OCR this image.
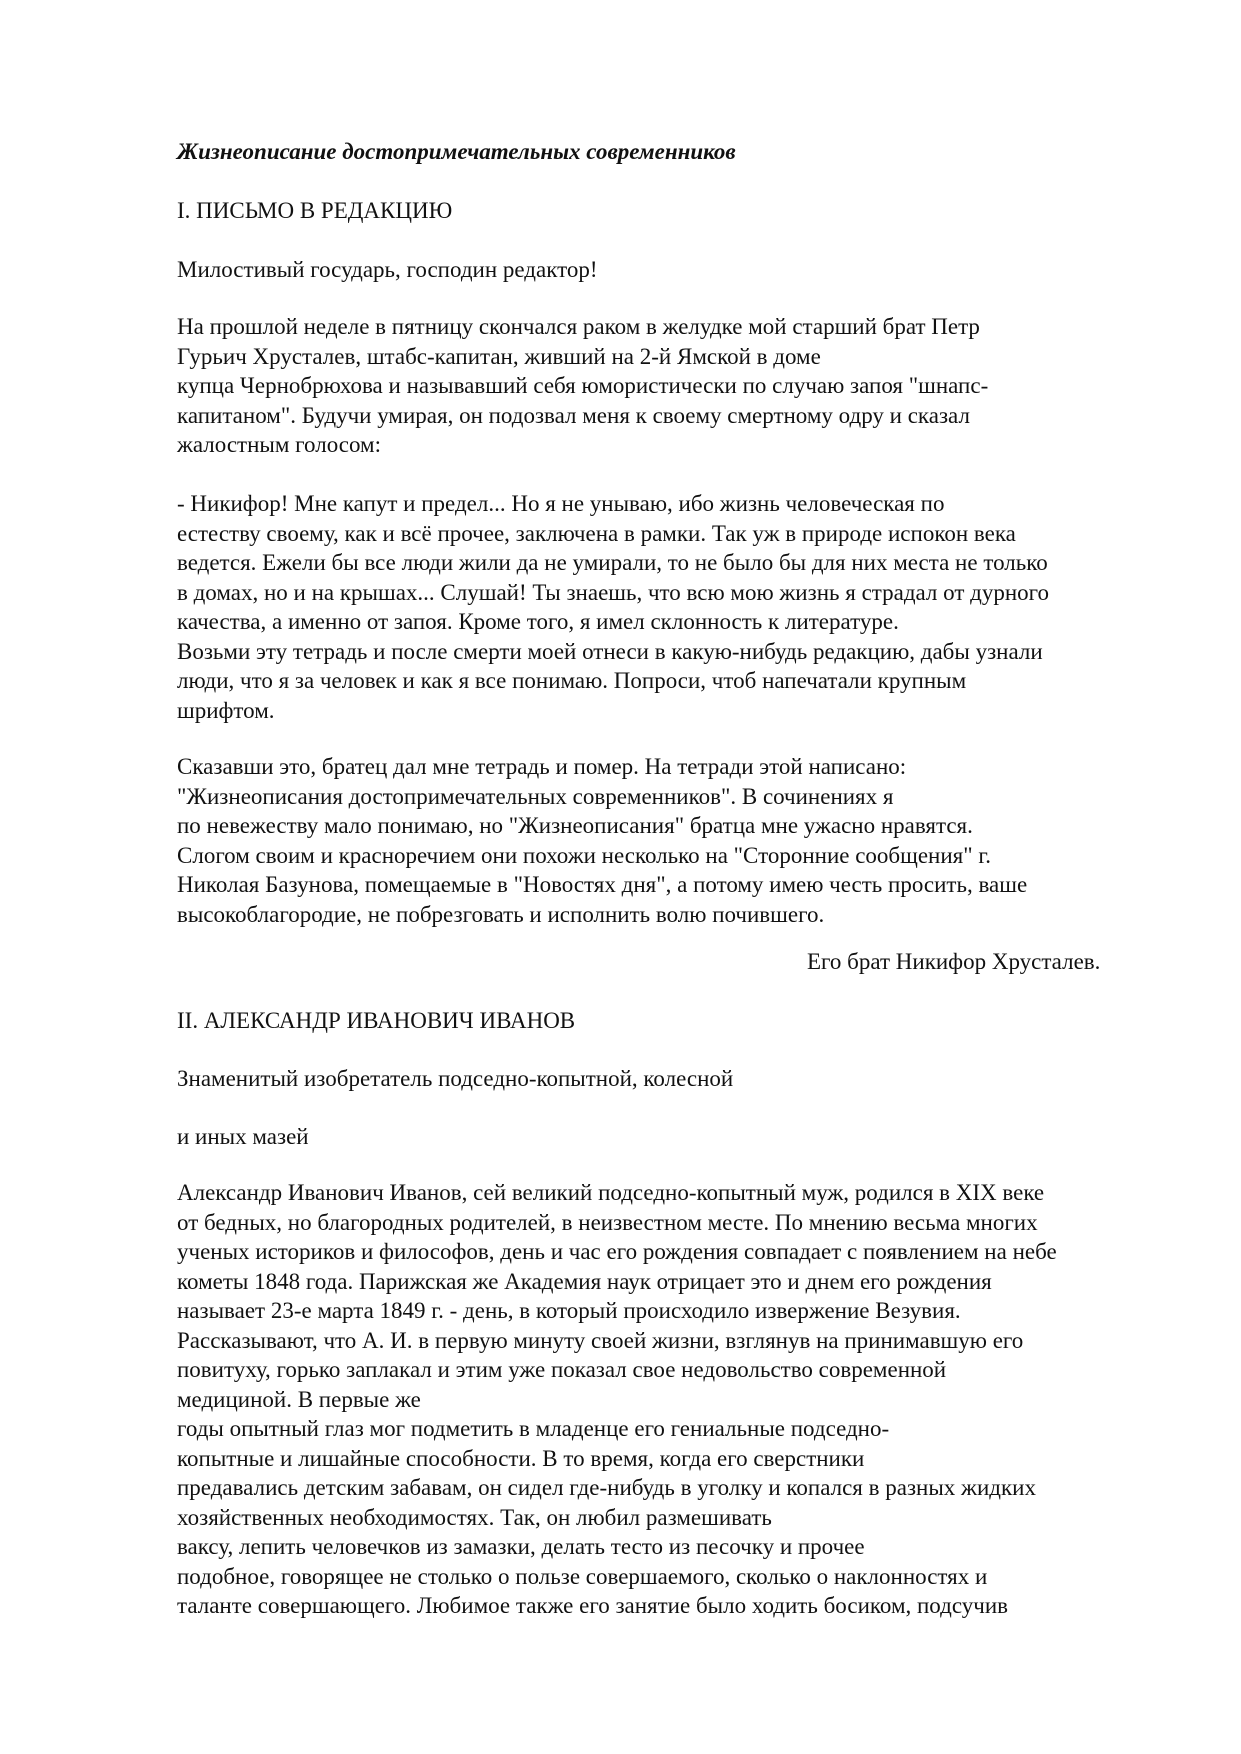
Жизнеописание достопримечательных современников

I. ПИСЬМО В РЕДАКЦИЮ

Милостивый государь, господин редактор!

На прошлой неделе в пятницу скончался раком в желудке мой старший брат Петр
Гурьич Хрусталев, штабс-капитан, живший на 2-й Ямской в доме
купца Чернобрюхова и называвший себя юмористически по случаю запоя "шнапс-
капитаном". Будучи умирая, он подозвал меня к своему смертному одру и сказал
жалостным голосом:
- Никифор! Мне капут и предел... Но я не унываю, ибо жизнь человеческая по
естеству своему, как и всё прочее, заключена в рамки. Так уж в природе испокон века
ведется. Ежели бы все люди жили да не умирали, то не было бы для них места не только
в домах, но и на крышах... Слушай! Ты знаешь, что всю мою жизнь я страдал от дурного
качества, а именно от запоя. Кроме того, я имел склонность к литературе.
Возьми эту тетрадь и после смерти моей отнеси в какую-нибудь редакцию, дабы узнали
люди, что я за человек и как я все понимаю. Попроси, чтоб напечатали крупным
шрифтом.
Сказавши это, братец дал мне тетрадь и помер. На тетради этой написано:
"Жизнеописания достопримечательных современников". В сочинениях я
по невежеству мало понимаю, но "Жизнеописания" братца мне ужасно нравятся.
Слогом своим и красноречием они похожи несколько на "Сторонние сообщения" г.
Николая Базунова, помещаемые в "Новостях дня", а потому имею честь просить, ваше
высокоблагородие, не побрезговать и исполнить волю почившего.

Его брат Никифор Хрусталев.

II. АЛЕКСАНДР ИВАНОВИЧ ИВАНОВ

Знаменитый изобретатель подседно-копытной, колесной

и иных мазей

Александр Иванович Иванов, сей великий подседно-копытный муж, родился в XIX веке
от бедных, но благородных родителей, в неизвестном месте. По мнению весьма многих
ученых историков и философов, день и час его рождения совпадает с появлением на небе
кометы 1848 года. Парижская же Академия наук отрицает это и днем его рождения
называет 23-е марта 1849 г. - день, в который происходило извержение Везувия.
Рассказывают, что А. И. в первую минуту своей жизни, взглянув на принимавшую его
повитуху, горько заплакал и этим уже показал свое недовольство современной
медициной. В первые же
годы опытный глаз мог подметить в младенце его гениальные подседно-
копытные и лишайные способности. В то время, когда его сверстники
предавались детским забавам, он сидел где-нибудь в уголку и копался в разных жидких
хозяйственных необходимостях. Так, он любил размешивать
ваксу, лепить человечков из замазки, делать тесто из песочку и прочее
подобное, говорящее не столько о пользе совершаемого, сколько о наклонностях и
таланте совершающего. Любимое также его занятие было ходить босиком, подсучив
